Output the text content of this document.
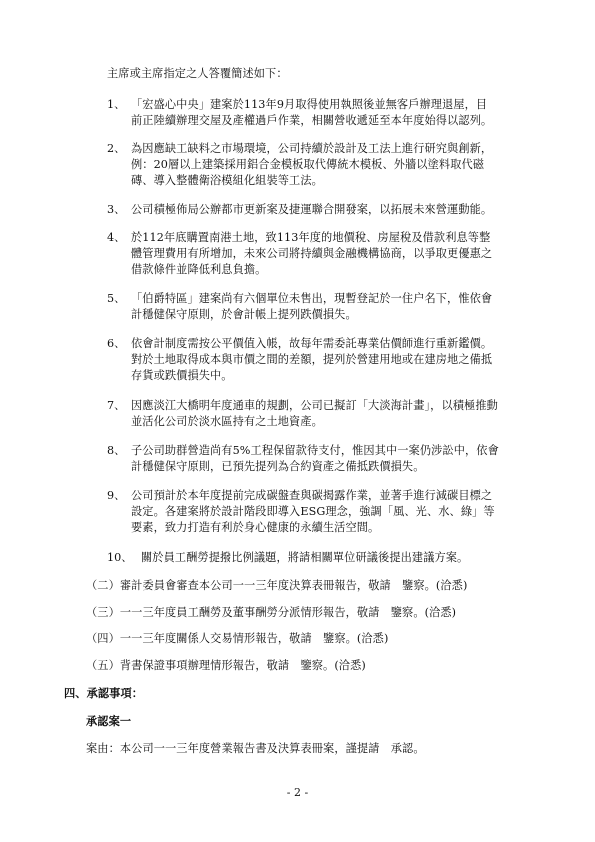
主席或主席指定之人答覆簡述如下：
1、 「宏盛心中央」建案於113年9月取得使用執照後並無客戶辦理退屋，目
前正陸續辦理交屋及產權過戶作業，相關營收遞延至本年度始得以認列。
2、 為因應缺工缺料之市場環境，公司持續於設計及工法上進行研究與創新，
例：20層以上建築採用鋁合金模板取代傳統木模板、外牆以塗料取代磁
磚、導入整體衛浴模組化組裝等工法。
3、 公司積極佈局公辦都市更新案及捷運聯合開發案，以拓展未來營運動能。
4、 於112年底購置南港土地，致113年度的地價稅、房屋稅及借款利息等整
體管理費用有所增加，未來公司將持續與金融機構協商，以爭取更優惠之
借款條件並降低利息負擔。
5、 「伯爵特區」建案尚有六個單位未售出，現暫登記於一住户名下，惟依會
計穩健保守原則，於會計帳上提列跌價損失。
6、 依會計制度需按公平價值入帳，故每年需委託專業估價師進行重新鑑價。
對於土地取得成本與市價之間的差額，提列於營建用地或在建房地之備抵
存貨或跌價損失中。
7、 因應淡江大橋明年度通車的規劃，公司已擬訂「大淡海計畫」，以積極推動
並活化公司於淡水區持有之土地資產。
8、 子公司助群營造尚有5%工程保留款待支付，惟因其中一案仍涉訟中，依會
計穩健保守原則，已預先提列為合約資產之備抵跌價損失。
9、 公司預計於本年度提前完成碳盤查與碳揭露作業，並著手進行減碳目標之
設定。各建案將於設計階段即導入ESG理念，強調「風、光、水、綠」等
要素，致力打造有利於身心健康的永續生活空間。
10、 關於員工酬勞提撥比例議題，將請相關單位研議後提出建議方案。
（二）審計委員會審查本公司一一三年度決算表冊報告，敬請　鑒察。(洽悉)
（三）一一三年度員工酬勞及董事酬勞分派情形報告，敬請　鑒察。(洽悉)
（四）一一三年度關係人交易情形報告，敬請　鑒察。(洽悉)
（五）背書保證事項辦理情形報告，敬請　鑒察。(洽悉)
四、承認事項：
承認案一
案由：本公司一一三年度營業報告書及決算表冊案，謹提請　承認。
- 2 -
